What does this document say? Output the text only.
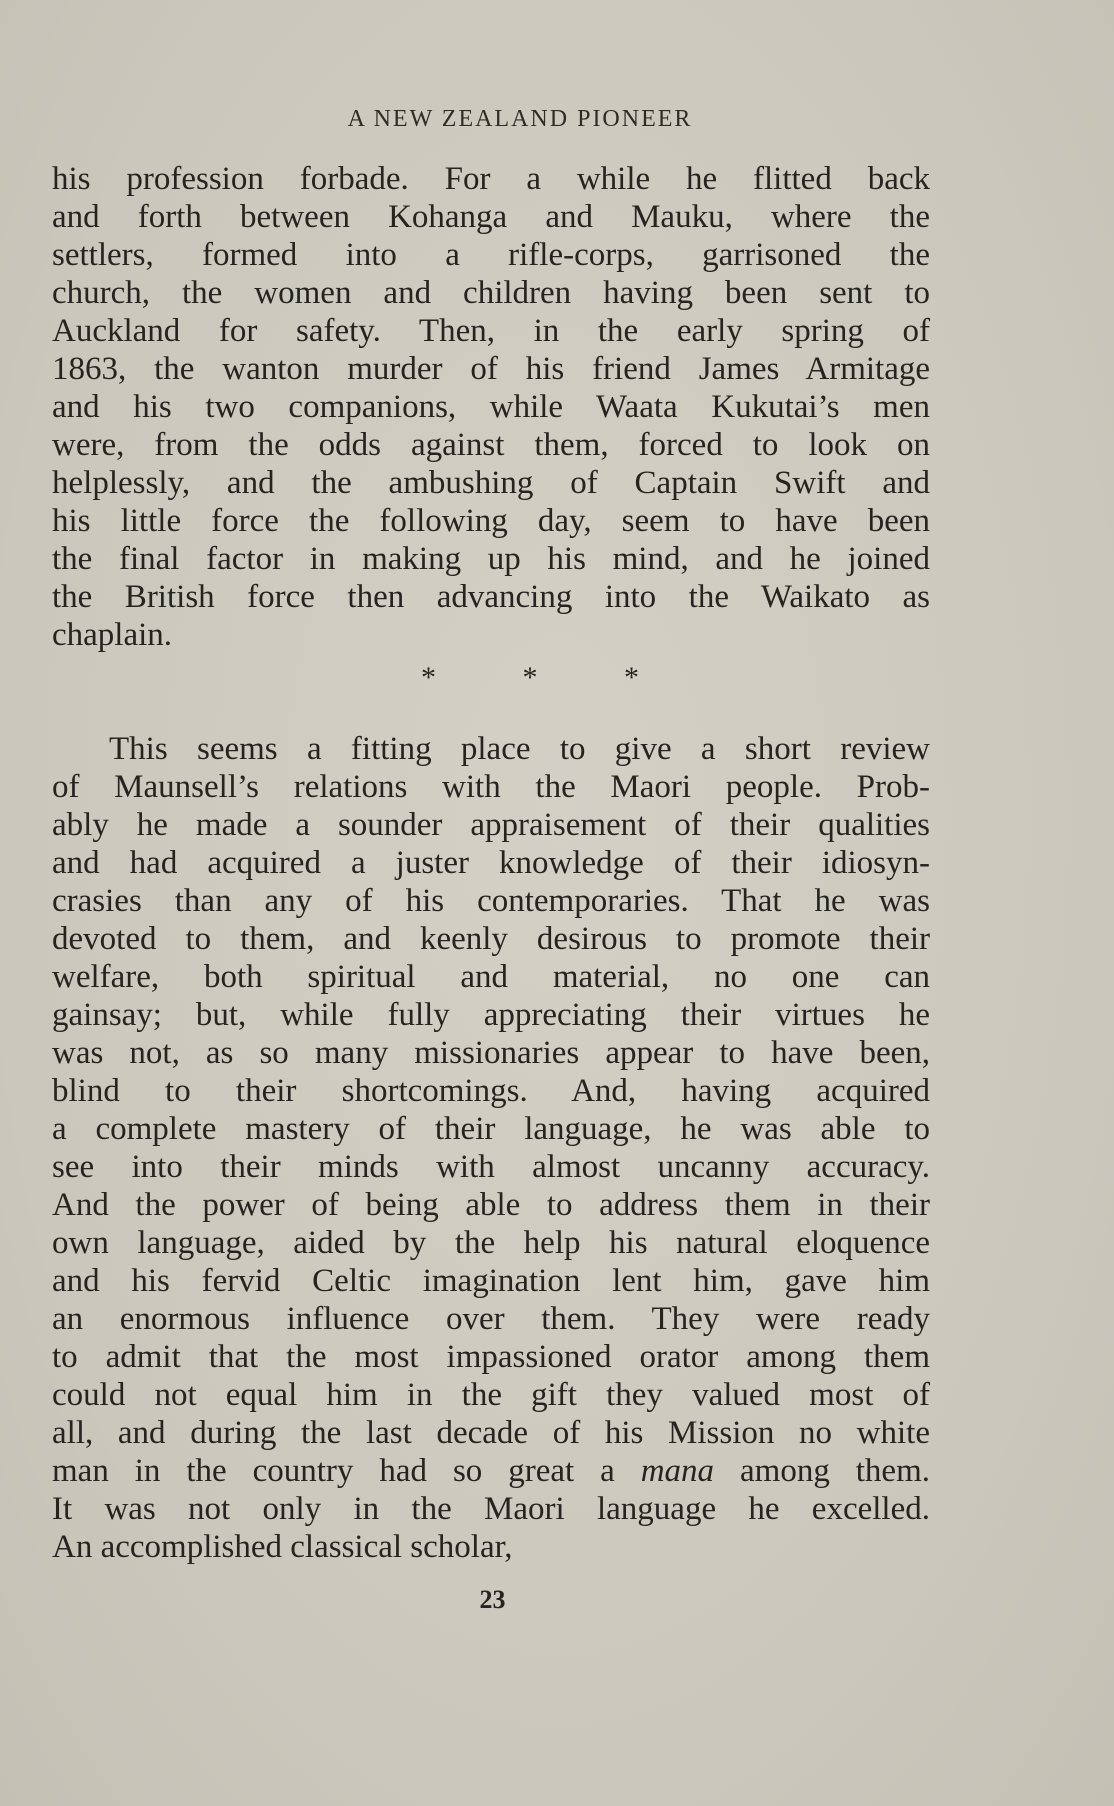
A NEW ZEALAND PIONEER
his profession forbade. For a while he flitted back
and forth between Kohanga and Mauku, where the
settlers, formed into a rifle-corps, garrisoned the
church, the women and children having been sent to
Auckland for safety. Then, in the early spring of
1863, the wanton murder of his friend James Armitage
and his two companions, while Waata Kukutai’s men
were, from the odds against them, forced to look on
helplessly, and the ambushing of Captain Swift and
his little force the following day, seem to have been
the final factor in making up his mind, and he joined
the British force then advancing into the Waikato as
chaplain.
*	*	*
This seems a fitting place to give a short review
of Maunsell’s relations with the Maori people. Prob-
ably he made a sounder appraisement of their qualities
and had acquired a juster knowledge of their idiosyn-
crasies than any of his contemporaries. That he was
devoted to them, and keenly desirous to promote their
welfare, both spiritual and material, no one can
gainsay; but, while fully appreciating their virtues he
was not, as so many missionaries appear to have been,
blind to their shortcomings. And, having acquired
a complete mastery of their language, he was able to
see into their minds with almost uncanny accuracy.
And the power of being able to address them in their
own language, aided by the help his natural eloquence
and his fervid Celtic imagination lent him, gave him
an enormous influence over them. They were ready
to admit that the most impassioned orator among them
could not equal him in the gift they valued most of
all, and during the last decade of his Mission no white
man in the country had so great a mana among them.
It was not only in the Maori language he excelled.
An accomplished classical scholar,
23
